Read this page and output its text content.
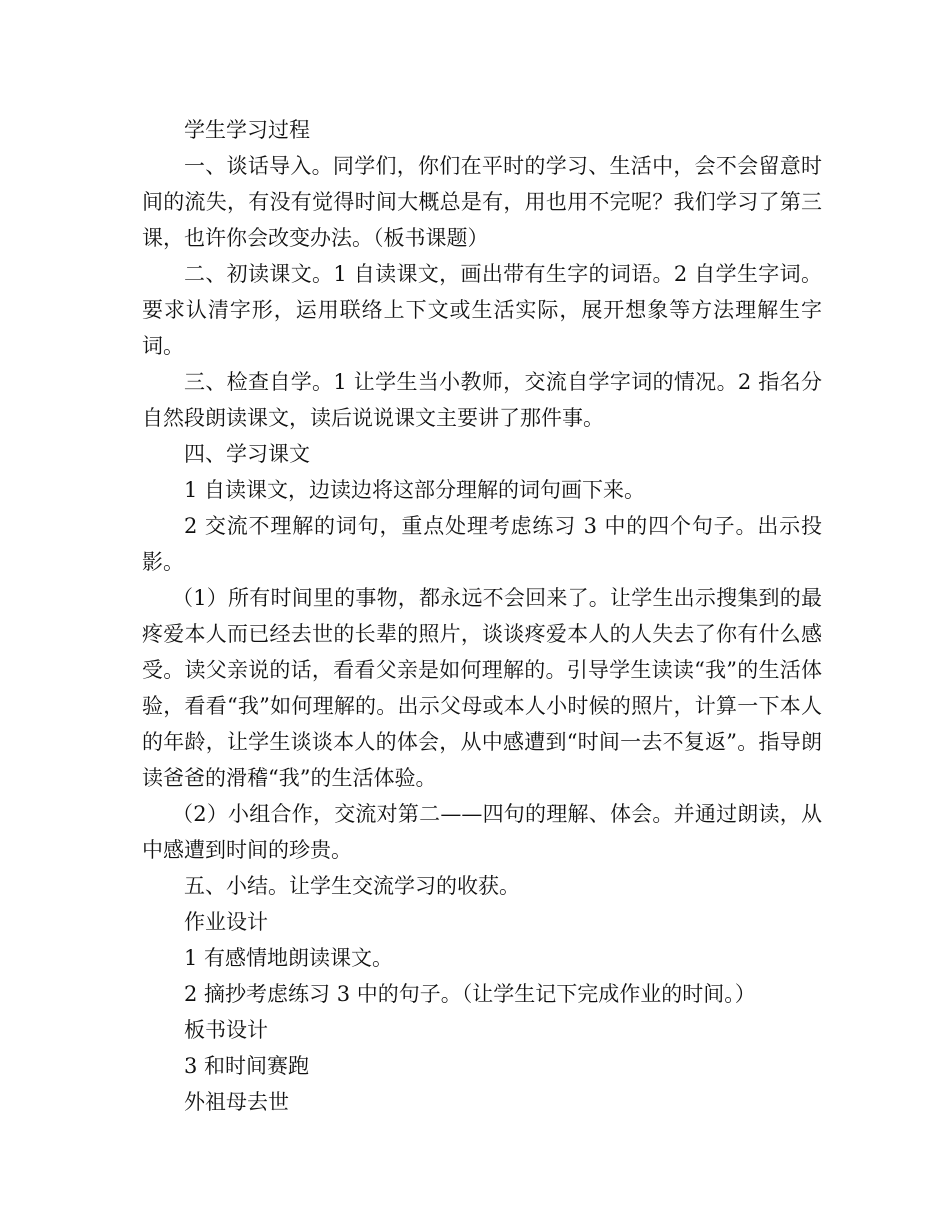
学生学习过程

一、谈话导入。同学们，你们在平时的学习、生活中，会不会留意时间的流失，有没有觉得时间大概总是有，用也用不完呢？我们学习了第三课，也许你会改变办法。（板书课题）

二、初读课文。1 自读课文，画出带有生字的词语。2 自学生字词。要求认清字形，运用联络上下文或生活实际，展开想象等方法理解生字词。

三、检查自学。1 让学生当小教师，交流自学字词的情况。2 指名分自然段朗读课文，读后说说课文主要讲了那件事。

四、学习课文

1 自读课文，边读边将这部分理解的词句画下来。

2 交流不理解的词句，重点处理考虑练习 3 中的四个句子。出示投影。

（1）所有时间里的事物，都永远不会回来了。让学生出示搜集到的最疼爱本人而已经去世的长辈的照片，谈谈疼爱本人的人失去了你有什么感受。读父亲说的话，看看父亲是如何理解的。引导学生读读“我”的生活体验，看看“我”如何理解的。出示父母或本人小时候的照片，计算一下本人的年龄，让学生谈谈本人的体会，从中感遭到“时间一去不复返”。指导朗读爸爸的滑稽“我”的生活体验。

（2）小组合作，交流对第二——四句的理解、体会。并通过朗读，从中感遭到时间的珍贵。

五、小结。让学生交流学习的收获。

作业设计

1 有感情地朗读课文。

2 摘抄考虑练习 3 中的句子。（让学生记下完成作业的时间。）

板书设计

3 和时间赛跑

外祖母去世
